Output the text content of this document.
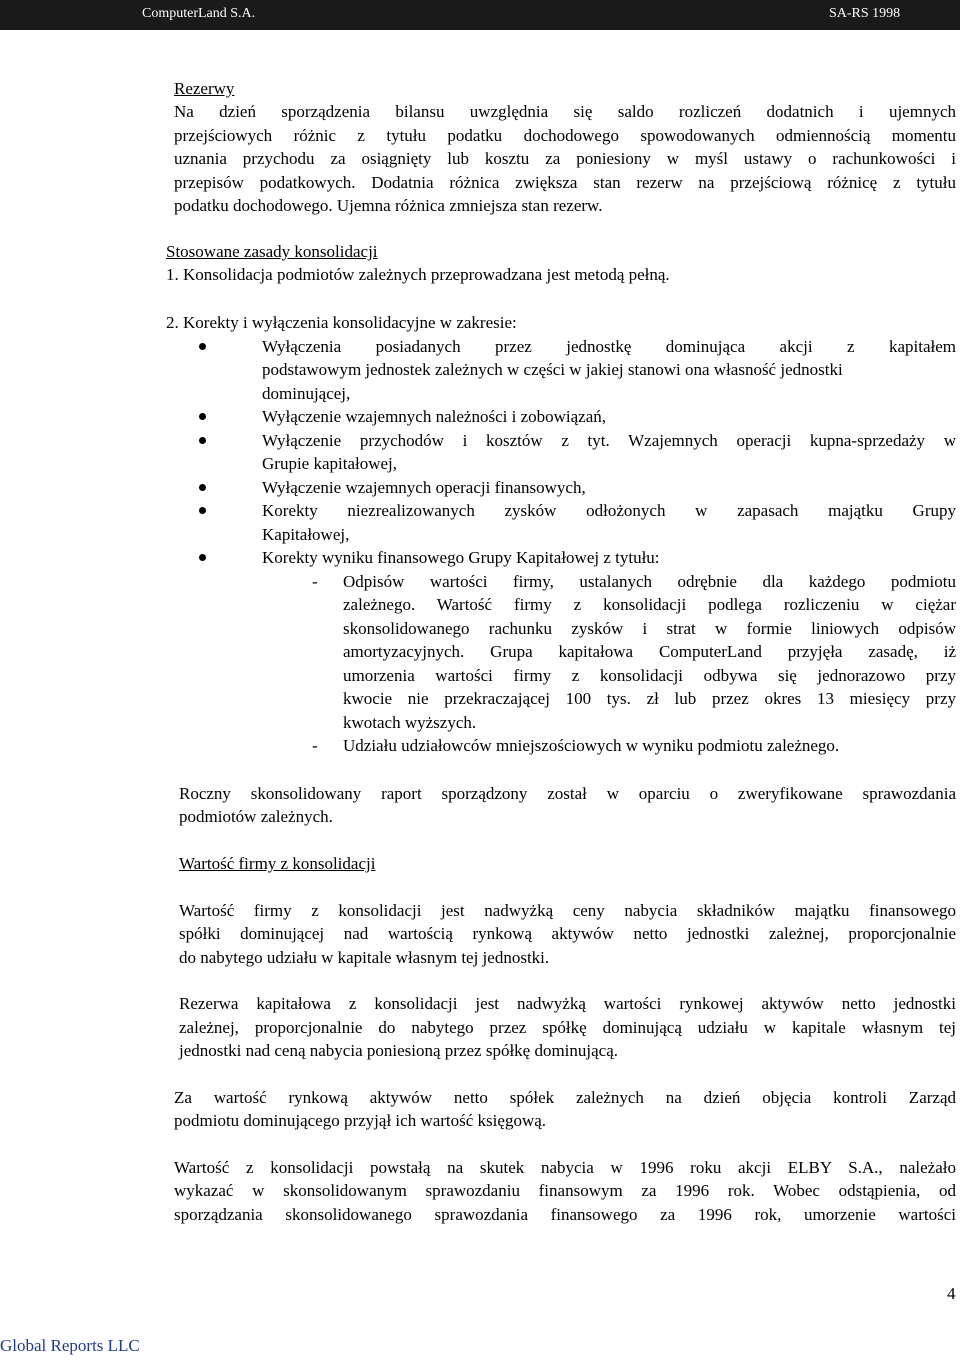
ComputerLand S.A.	SA-RS 1998
Rezerwy
Na dzień sporządzenia bilansu uwzględnia się saldo rozliczeń dodatnich i ujemnych
przejściowych różnic z tytułu podatku dochodowego spowodowanych odmiennością momentu
uznania przychodu za osiągnięty lub kosztu za poniesiony w myśl ustawy o rachunkowości i
przepisów podatkowych. Dodatnia różnica zwiększa stan rezerw na przejściową różnicę z tytułu
podatku dochodowego. Ujemna różnica zmniejsza stan rezerw.
Stosowane zasady konsolidacji
1. Konsolidacja podmiotów zależnych przeprowadzana jest metodą pełną.
2. Korekty i wyłączenia konsolidacyjne w zakresie:
Wyłączenia posiadanych przez jednostkę dominująca akcji z kapitałem
podstawowym jednostek zależnych w części w jakiej stanowi ona własność jednostki
dominującej,
Wyłączenie wzajemnych należności i zobowiązań,
Wyłączenie przychodów i kosztów z tyt. Wzajemnych operacji kupna-sprzedaży w
Grupie kapitałowej,
Wyłączenie wzajemnych operacji finansowych,
Korekty niezrealizowanych zysków odłożonych w zapasach majątku Grupy
Kapitałowej,
Korekty wyniku finansowego Grupy Kapitałowej z tytułu:
- Odpisów wartości firmy, ustalanych odrębnie dla każdego podmiotu
zależnego. Wartość firmy z konsolidacji podlega rozliczeniu w ciężar
skonsolidowanego rachunku zysków i strat w formie liniowych odpisów
amortyzacyjnych. Grupa kapitałowa ComputerLand przyjęła zasadę, iż
umorzenia wartości firmy z konsolidacji odbywa się jednorazowo przy
kwocie nie przekraczającej 100 tys. zł lub przez okres 13 miesięcy przy
kwotach wyższych.
- Udziału udziałowców mniejszościowych w wyniku podmiotu zależnego.
Roczny skonsolidowany raport sporządzony został w oparciu o zweryfikowane sprawozdania
podmiotów zależnych.
Wartość firmy z konsolidacji
Wartość firmy z konsolidacji jest nadwyżką ceny nabycia składników majątku finansowego
spółki dominującej nad wartością rynkową aktywów netto jednostki zależnej, proporcjonalnie
do nabytego udziału w kapitale własnym tej jednostki.
Rezerwa kapitałowa z konsolidacji jest nadwyżką wartości rynkowej aktywów netto jednostki
zależnej, proporcjonalnie do nabytego przez spółkę dominującą udziału w kapitale własnym tej
jednostki nad ceną nabycia poniesioną przez spółkę dominującą.
Za wartość rynkową aktywów netto spółek zależnych na dzień objęcia kontroli Zarząd
podmiotu dominującego przyjął ich wartość księgową.
Wartość z konsolidacji powstałą na skutek nabycia w 1996 roku akcji ELBY S.A., należało
wykazać w skonsolidowanym sprawozdaniu finansowym za 1996 rok. Wobec odstąpienia, od
sporządzania skonsolidowanego sprawozdania finansowego za 1996 rok, umorzenie wartości
4
Global Reports LLC
